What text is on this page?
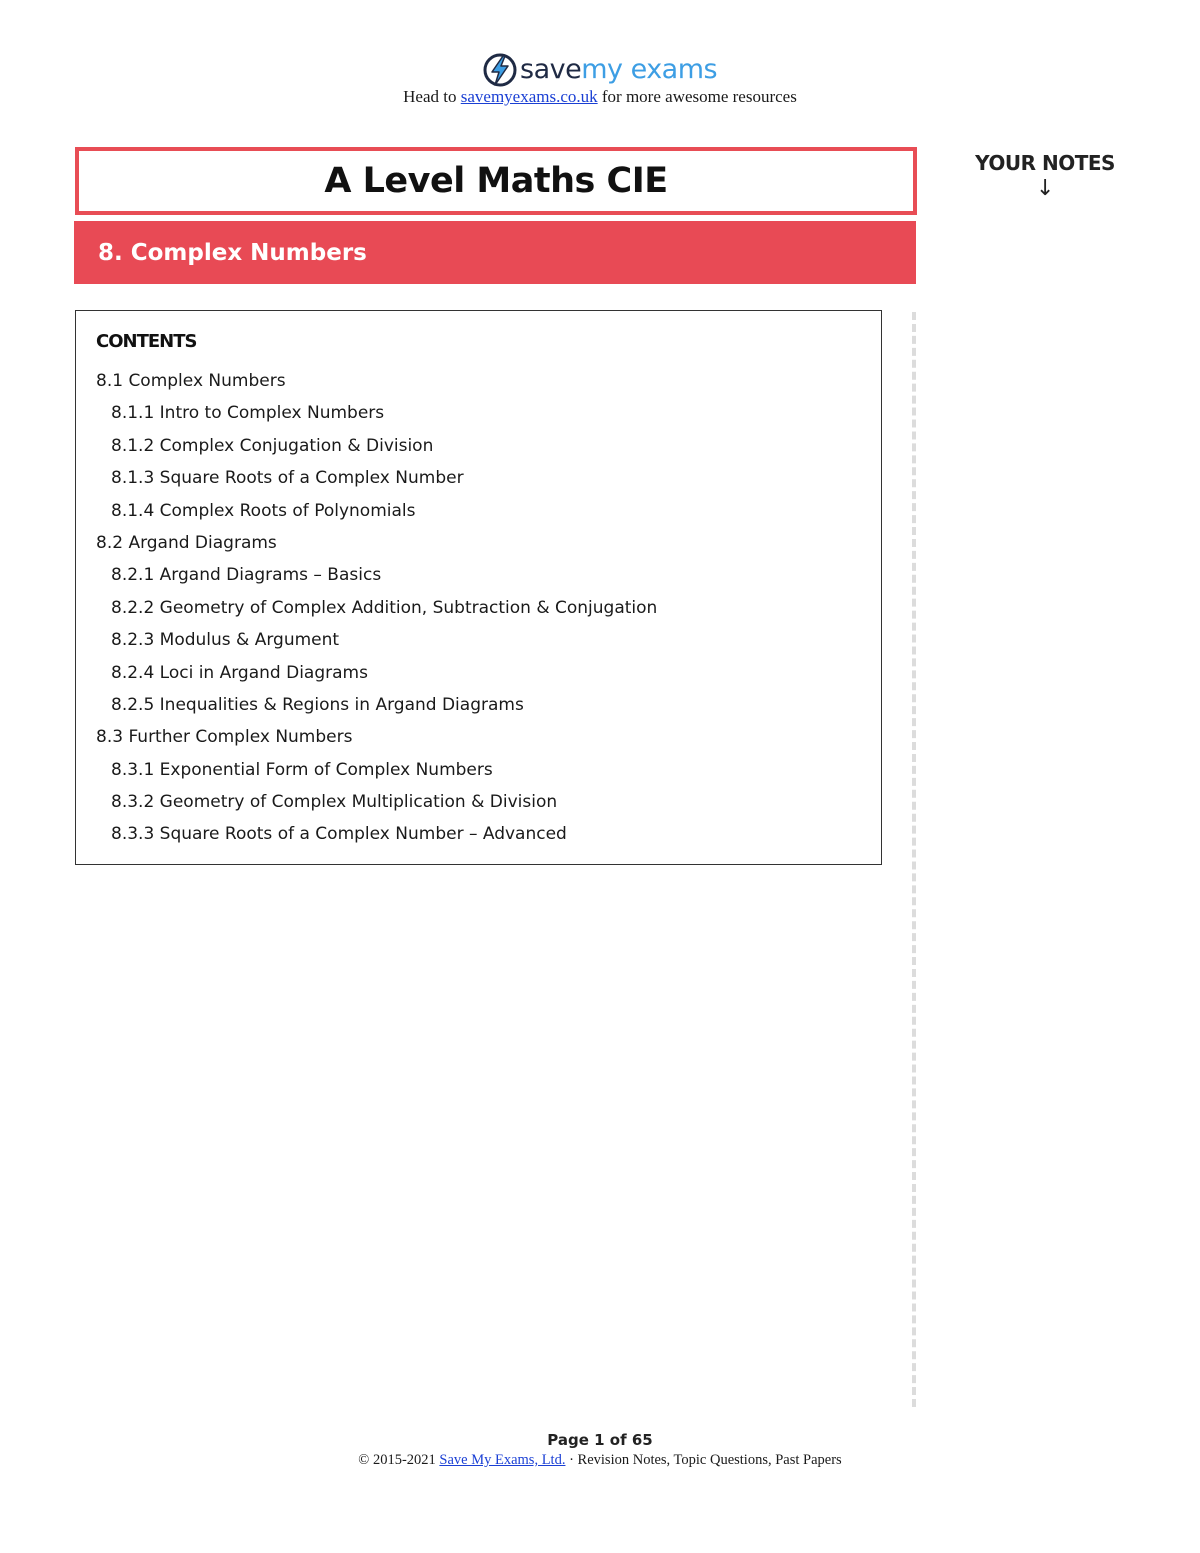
savemy exams
Head to savemyexams.co.uk for more awesome resources
A Level Maths CIE
8. Complex Numbers
YOUR NOTES
↓
CONTENTS
8.1 Complex Numbers
8.1.1 Intro to Complex Numbers
8.1.2 Complex Conjugation & Division
8.1.3 Square Roots of a Complex Number
8.1.4 Complex Roots of Polynomials
8.2 Argand Diagrams
8.2.1 Argand Diagrams – Basics
8.2.2 Geometry of Complex Addition, Subtraction & Conjugation
8.2.3 Modulus & Argument
8.2.4 Loci in Argand Diagrams
8.2.5 Inequalities & Regions in Argand Diagrams
8.3 Further Complex Numbers
8.3.1 Exponential Form of Complex Numbers
8.3.2 Geometry of Complex Multiplication & Division
8.3.3 Square Roots of a Complex Number – Advanced
Page 1 of 65
© 2015-2021 Save My Exams, Ltd. · Revision Notes, Topic Questions, Past Papers
